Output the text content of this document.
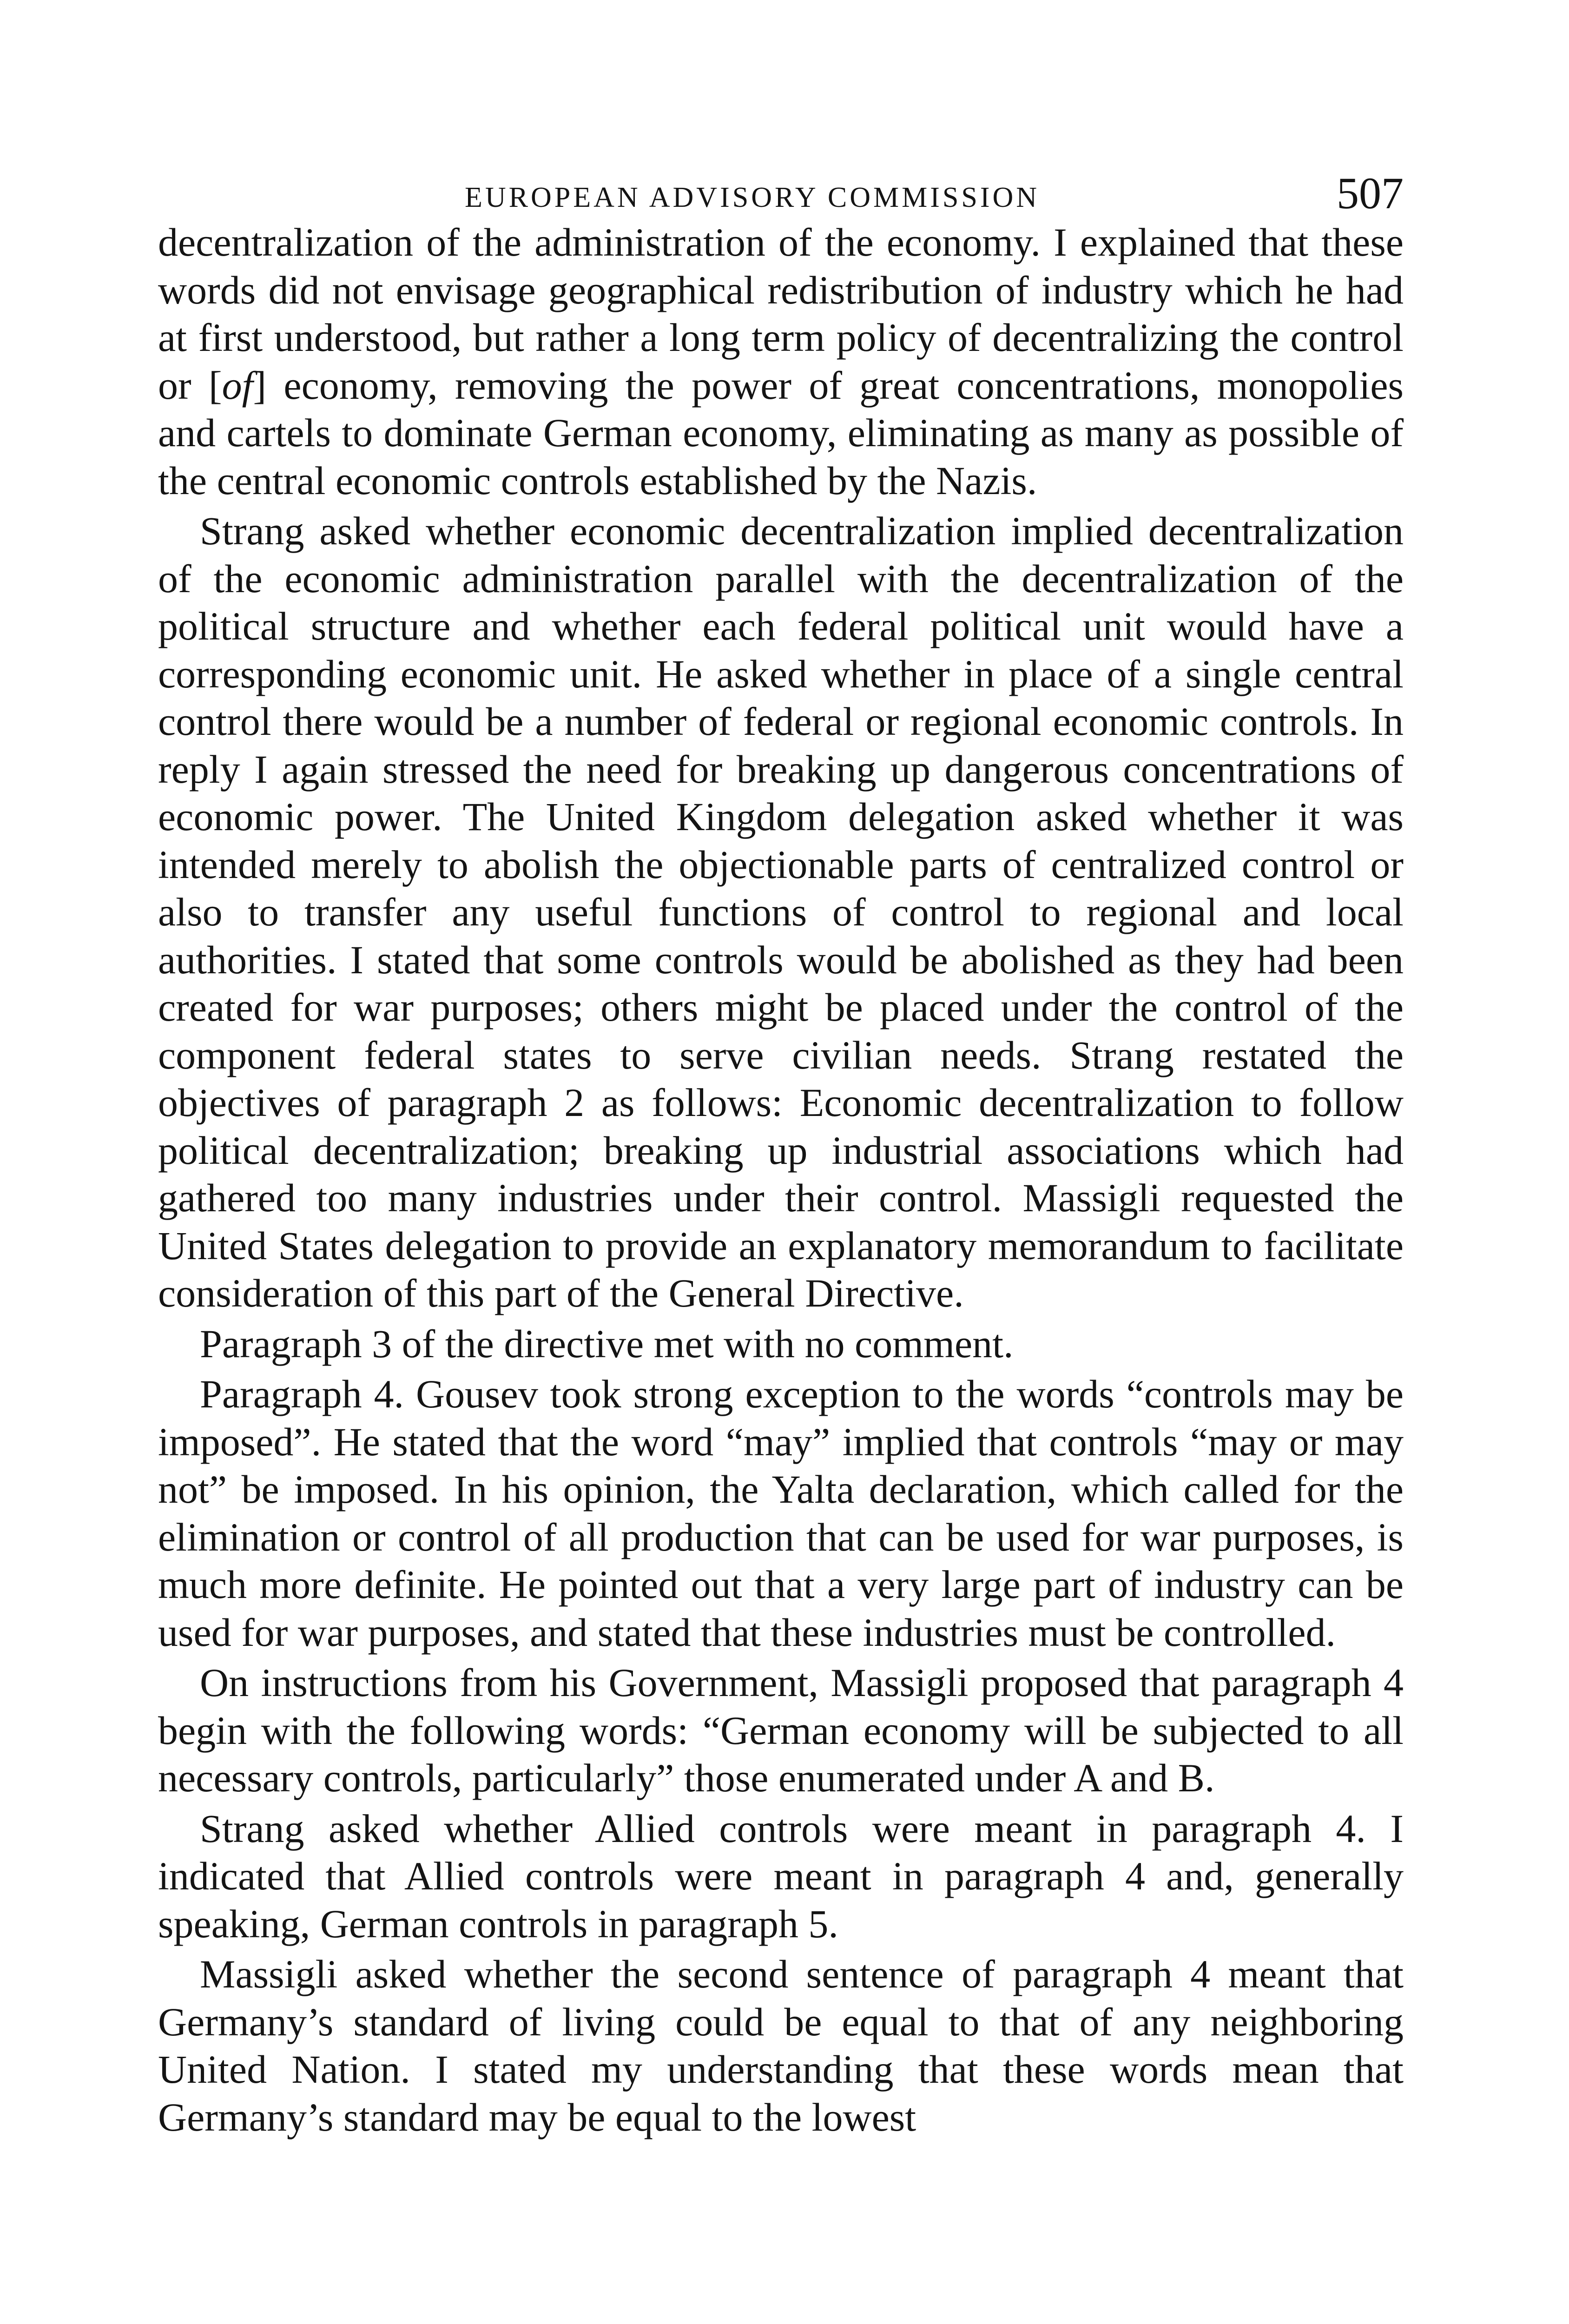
EUROPEAN ADVISORY COMMISSION	507

decentralization of the administration of the economy. I explained that these words did not envisage geographical redistribution of industry which he had at first understood, but rather a long term policy of decentralizing the control or [of] economy, removing the power of great concentrations, monopolies and cartels to dominate German economy, eliminating as many as possible of the central economic controls established by the Nazis.

Strang asked whether economic decentralization implied decentralization of the economic administration parallel with the decentralization of the political structure and whether each federal political unit would have a corresponding economic unit. He asked whether in place of a single central control there would be a number of federal or regional economic controls. In reply I again stressed the need for breaking up dangerous concentrations of economic power. The United Kingdom delegation asked whether it was intended merely to abolish the objectionable parts of centralized control or also to transfer any useful functions of control to regional and local authorities. I stated that some controls would be abolished as they had been created for war purposes; others might be placed under the control of the component federal states to serve civilian needs. Strang restated the objectives of paragraph 2 as follows: Economic decentralization to follow political decentralization; breaking up industrial associations which had gathered too many industries under their control. Massigli requested the United States delegation to provide an explanatory memorandum to facilitate consideration of this part of the General Directive.

Paragraph 3 of the directive met with no comment.

Paragraph 4. Gousev took strong exception to the words “controls may be imposed”. He stated that the word “may” implied that controls “may or may not” be imposed. In his opinion, the Yalta declaration, which called for the elimination or control of all production that can be used for war purposes, is much more definite. He pointed out that a very large part of industry can be used for war purposes, and stated that these industries must be controlled.

On instructions from his Government, Massigli proposed that paragraph 4 begin with the following words: “German economy will be subjected to all necessary controls, particularly” those enumerated under A and B.

Strang asked whether Allied controls were meant in paragraph 4. I indicated that Allied controls were meant in paragraph 4 and, generally speaking, German controls in paragraph 5.

Massigli asked whether the second sentence of paragraph 4 meant that Germany’s standard of living could be equal to that of any neighboring United Nation. I stated my understanding that these words mean that Germany’s standard may be equal to the lowest
